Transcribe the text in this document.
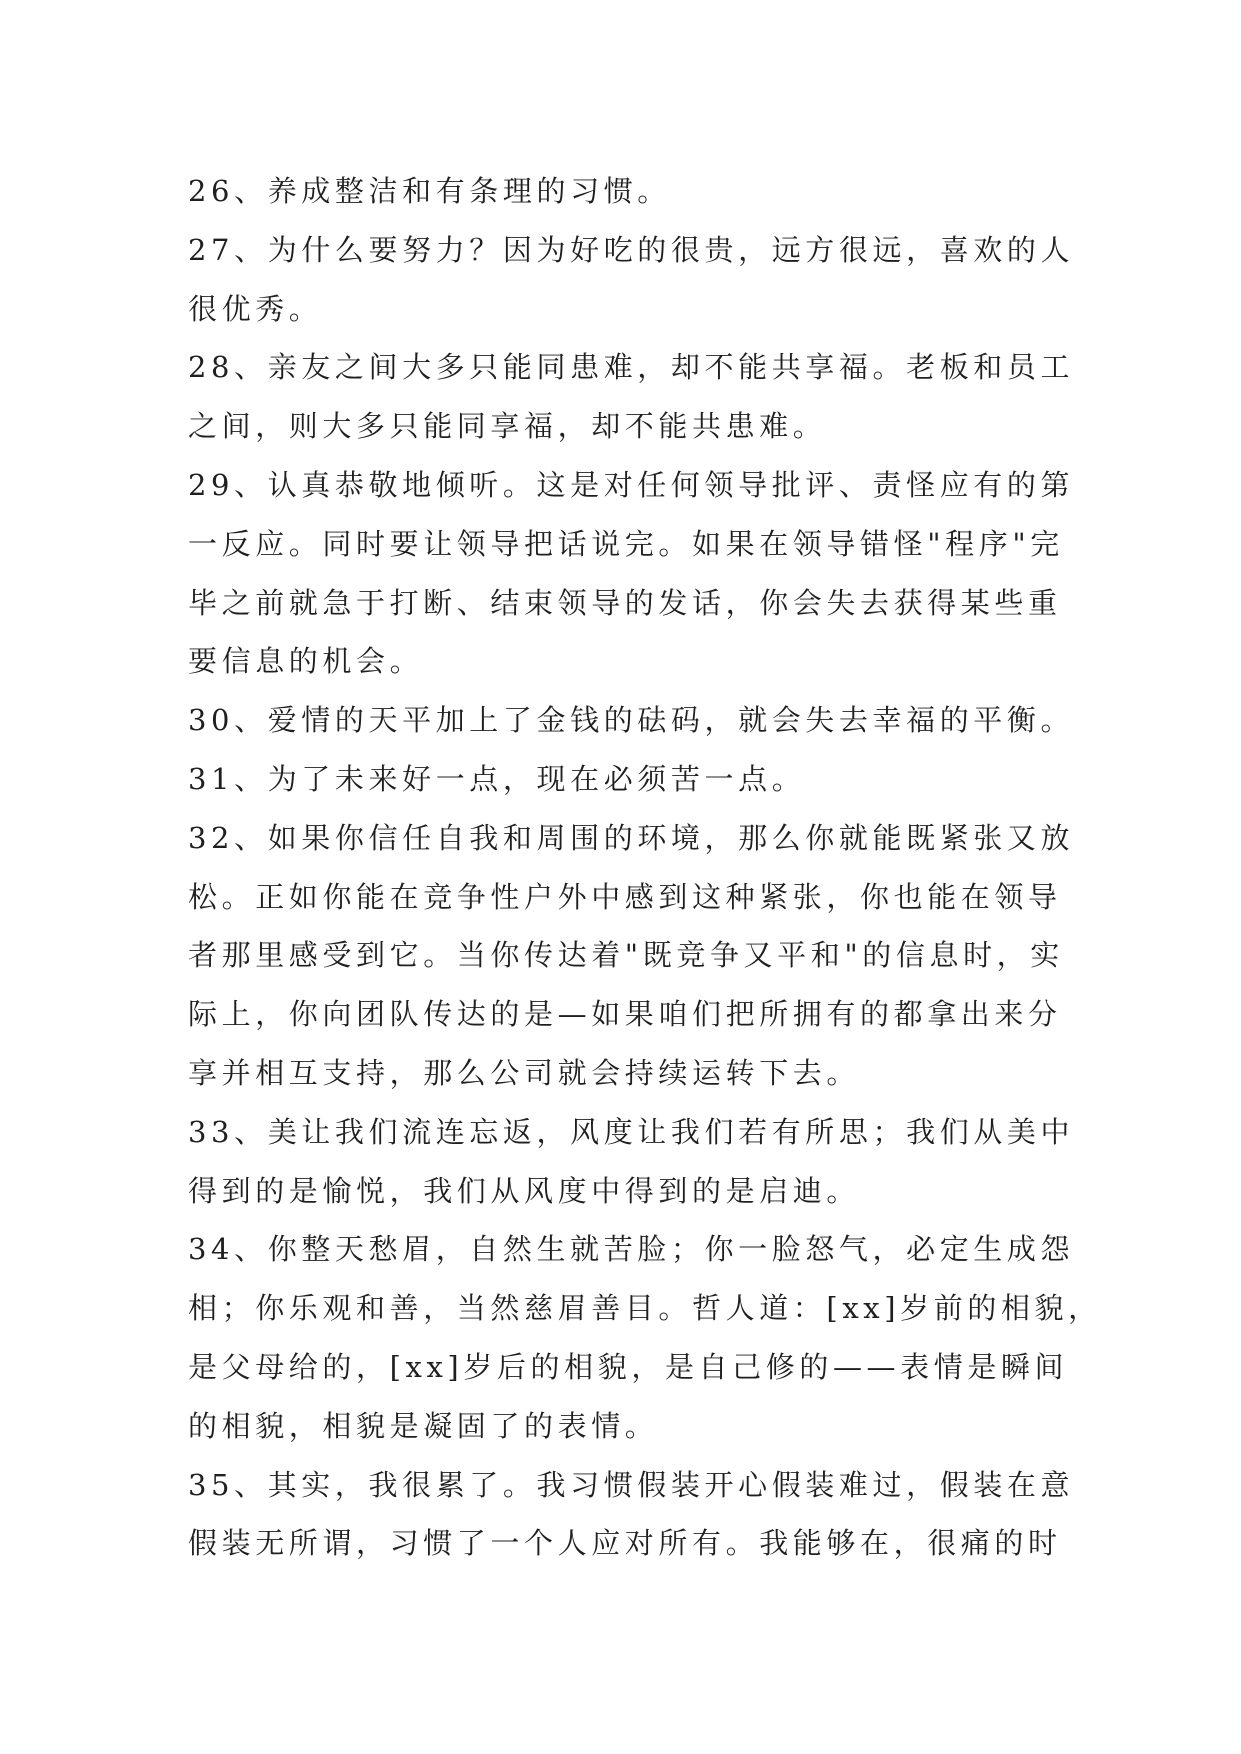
26、养成整洁和有条理的习惯。
27、为什么要努力？因为好吃的很贵，远方很远，喜欢的人
很优秀。
28、亲友之间大多只能同患难，却不能共享福。老板和员工
之间，则大多只能同享福，却不能共患难。
29、认真恭敬地倾听。这是对任何领导批评、责怪应有的第
一反应。同时要让领导把话说完。如果在领导错怪"程序"完
毕之前就急于打断、结束领导的发话，你会失去获得某些重
要信息的机会。
30、爱情的天平加上了金钱的砝码，就会失去幸福的平衡。
31、为了未来好一点，现在必须苦一点。
32、如果你信任自我和周围的环境，那么你就能既紧张又放
松。正如你能在竞争性户外中感到这种紧张，你也能在领导
者那里感受到它。当你传达着"既竞争又平和"的信息时，实
际上，你向团队传达的是—如果咱们把所拥有的都拿出来分
享并相互支持，那么公司就会持续运转下去。
33、美让我们流连忘返，风度让我们若有所思；我们从美中
得到的是愉悦，我们从风度中得到的是启迪。
34、你整天愁眉，自然生就苦脸；你一脸怒气，必定生成怨
相；你乐观和善，当然慈眉善目。哲人道：[xx]岁前的相貌，
是父母给的，[xx]岁后的相貌，是自己修的——表情是瞬间
的相貌，相貌是凝固了的表情。
35、其实，我很累了。我习惯假装开心假装难过，假装在意
假装无所谓，习惯了一个人应对所有。我能够在，很痛的时
